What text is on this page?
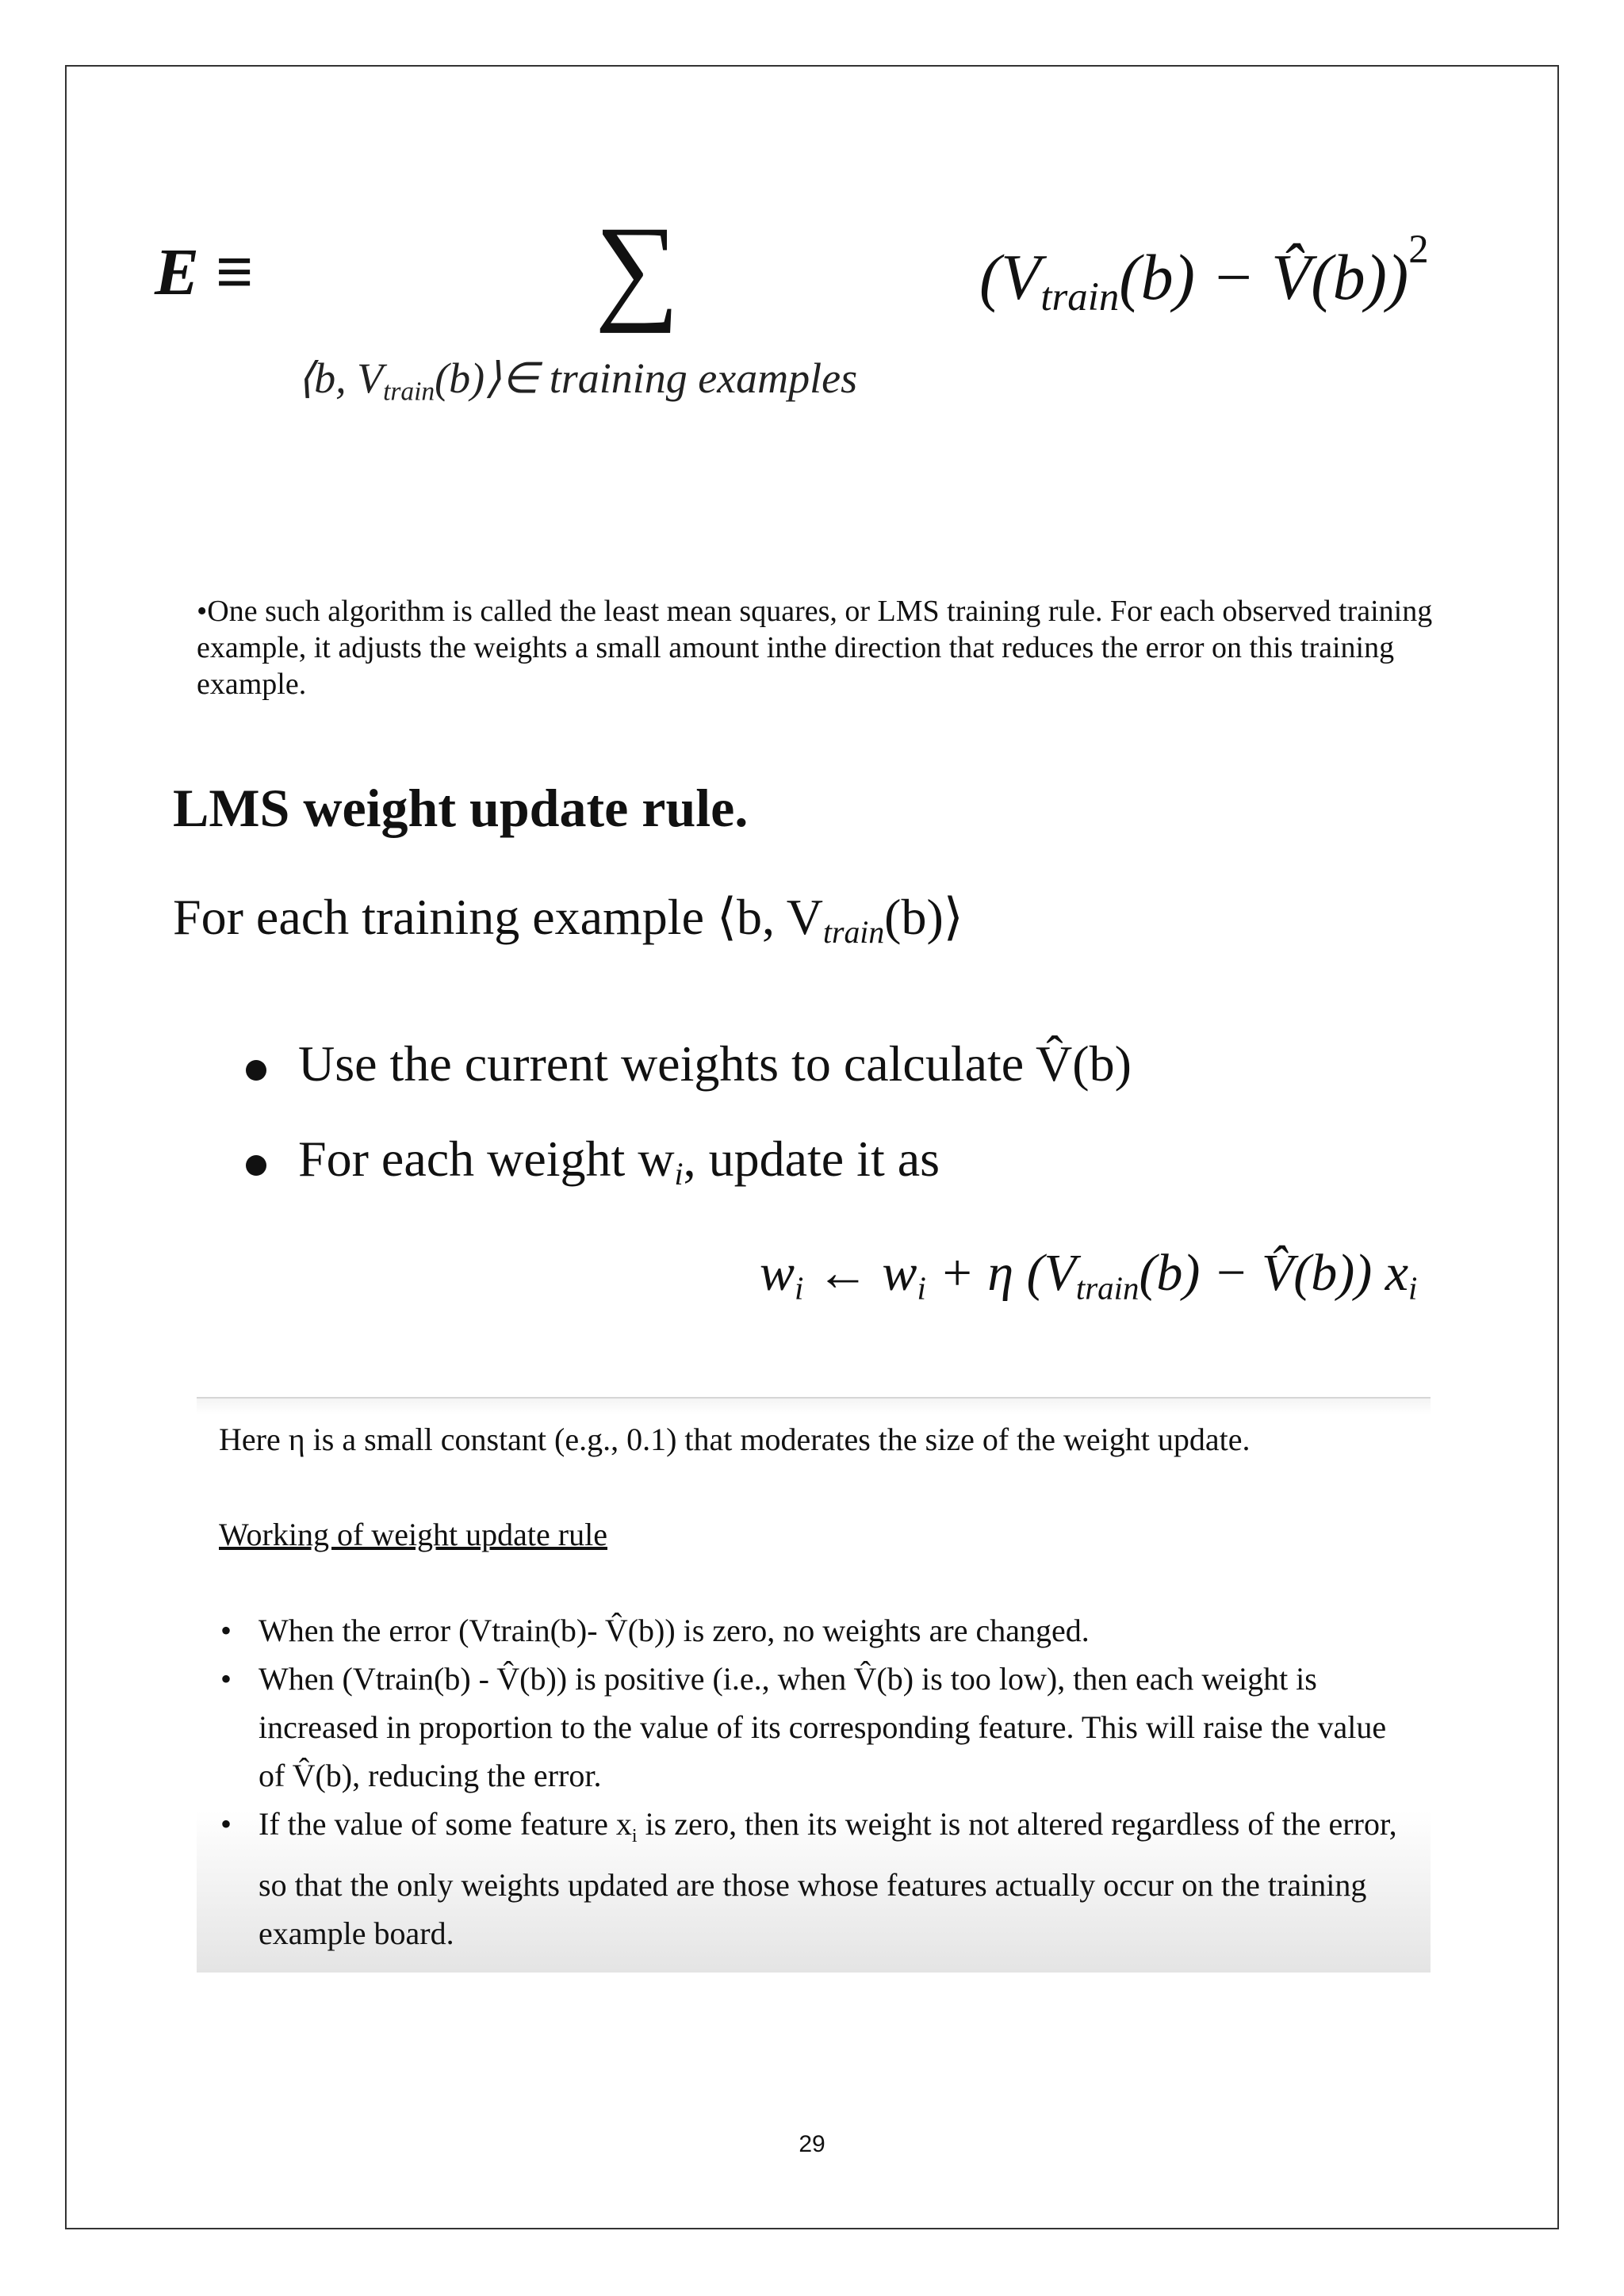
E ≡	∑	(Vtrain(b) − V̂(b))$^2$
⟨b, Vtrain(b)⟩∈ training examples
•One such algorithm is called the least mean squares, or LMS training rule. For each observed training example, it adjusts the weights a small amount inthe direction that reduces the error on this training example.
LMS weight update rule.
For each training example ⟨b, Vtrain(b)⟩
Use the current weights to calculate V̂(b)
For each weight wi, update it as
wi ← wi + η (Vtrain(b) − V̂(b)) xi
Here η is a small constant (e.g., 0.1) that moderates the size of the weight update.
Working of weight update rule
• When the error (Vtrain(b)- V̂(b)) is zero, no weights are changed.
• When (Vtrain(b) - V̂(b)) is positive (i.e., when V̂(b) is too low), then each weight is increased in proportion to the value of its corresponding feature. This will raise the value of V̂(b), reducing the error.
• If the value of some feature $x_i$ is zero, then its weight is not altered regardless of the error, so that the only weights updated are those whose features actually occur on the training example board.
29
